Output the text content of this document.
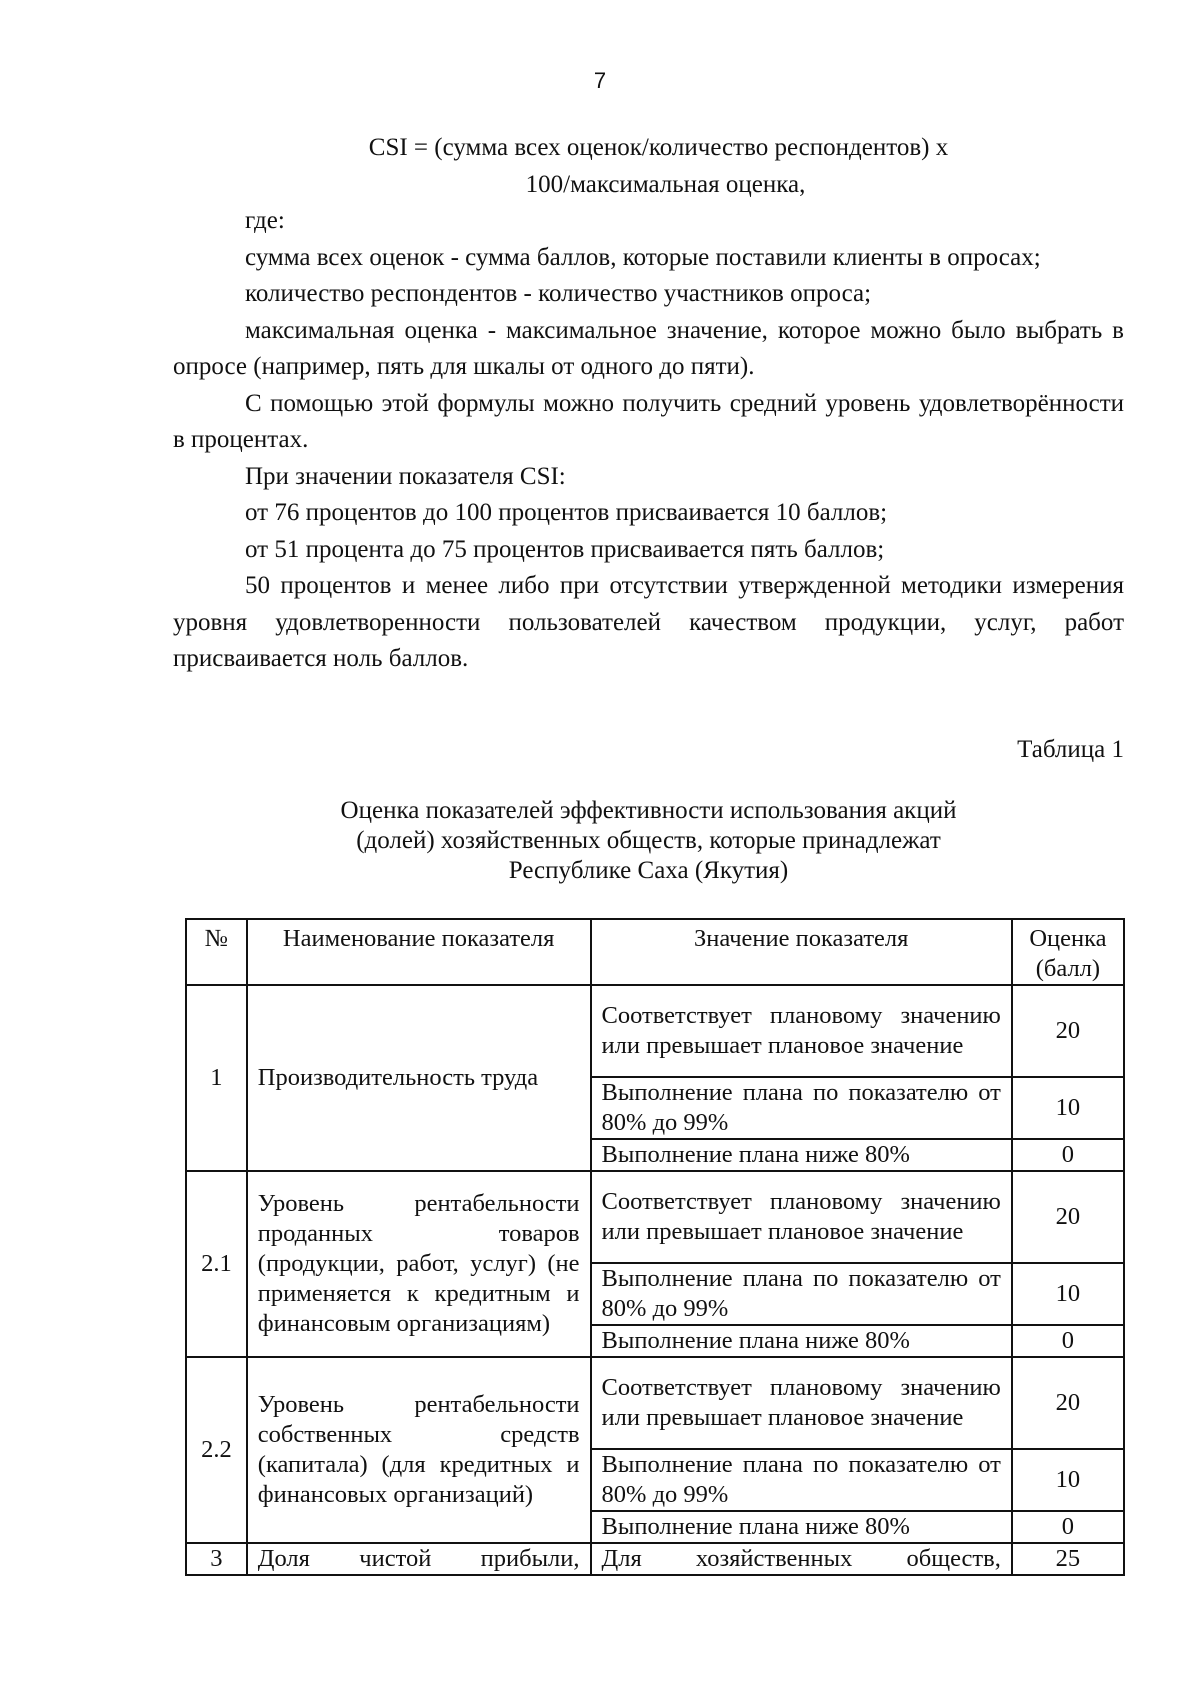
7

CSI = (сумма всех оценок/количество респондентов) х

100/максимальная оценка,

где:

сумма всех оценок - сумма баллов, которые поставили клиенты в опросах;

количество респондентов - количество участников опроса;

максимальная оценка - максимальное значение, которое можно было выбрать в опросе (например, пять для шкалы от одного до пяти).

С помощью этой формулы можно получить средний уровень удовлетворённости в процентах.

При значении показателя CSI:

от 76 процентов до 100 процентов присваивается 10 баллов;

от 51 процента до 75 процентов присваивается пять баллов;

50 процентов и менее либо при отсутствии утвержденной методики измерения уровня удовлетворенности пользователей качеством продукции, услуг, работ присваивается ноль баллов.

Таблица 1
Оценка показателей эффективности использования акций
(долей) хозяйственных обществ, которые принадлежат
Республике Саха (Якутия)
№	Наименование показателя	Значение показателя	Оценка (балл)
1	Производительность труда	Соответствует плановому значению или превышает плановое значение	20
		Выполнение плана по показателю от 80% до 99%	10
		Выполнение плана ниже 80%	0
2.1	Уровень рентабельности проданных товаров (продукции, работ, услуг) (не применяется к кредитным и финансовым организациям)	Соответствует плановому значению или превышает плановое значение	20
		Выполнение плана по показателю от 80% до 99%	10
		Выполнение плана ниже 80%	0
2.2	Уровень рентабельности собственных средств (капитала) (для кредитных и финансовых организаций)	Соответствует плановому значению или превышает плановое значение	20
		Выполнение плана по показателю от 80% до 99%	10
		Выполнение плана ниже 80%	0
3	Доля чистой прибыли,	Для хозяйственных обществ,	25
